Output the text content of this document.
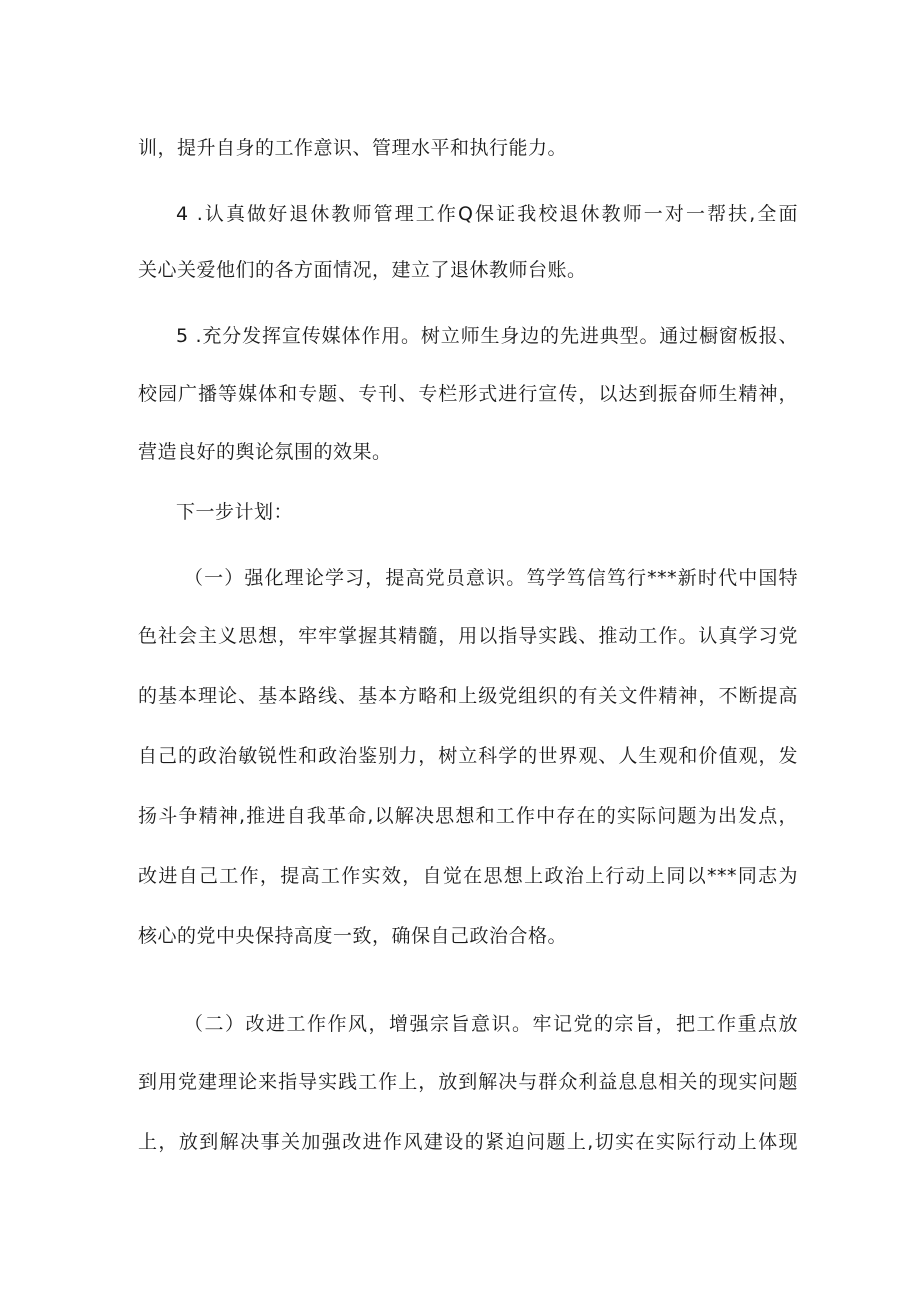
训，提升自身的工作意识、管理水平和执行能力。
4 .认真做好退休教师管理工作Q保证我校退休教师一对一帮扶,全面
关心关爱他们的各方面情况，建立了退休教师台账。
5 .充分发挥宣传媒体作用。树立师生身边的先进典型。通过橱窗板报、
校园广播等媒体和专题、专刊、专栏形式进行宣传，以达到振奋师生精神，
营造良好的舆论氛围的效果。
下一步计划：
（一）强化理论学习，提高党员意识。笃学笃信笃行***新时代中国特
色社会主义思想，牢牢掌握其精髓，用以指导实践、推动工作。认真学习党
的基本理论、基本路线、基本方略和上级党组织的有关文件精神，不断提高
自己的政治敏锐性和政治鉴别力，树立科学的世界观、人生观和价值观，发
扬斗争精神,推进自我革命,以解决思想和工作中存在的实际问题为出发点，
改进自己工作，提高工作实效，自觉在思想上政治上行动上同以***同志为
核心的党中央保持高度一致，确保自己政治合格。
（二）改进工作作风，增强宗旨意识。牢记党的宗旨，把工作重点放
到用党建理论来指导实践工作上，放到解决与群众利益息息相关的现实问题
上，放到解决事关加强改进作风建设的紧迫问题上,切实在实际行动上体现
